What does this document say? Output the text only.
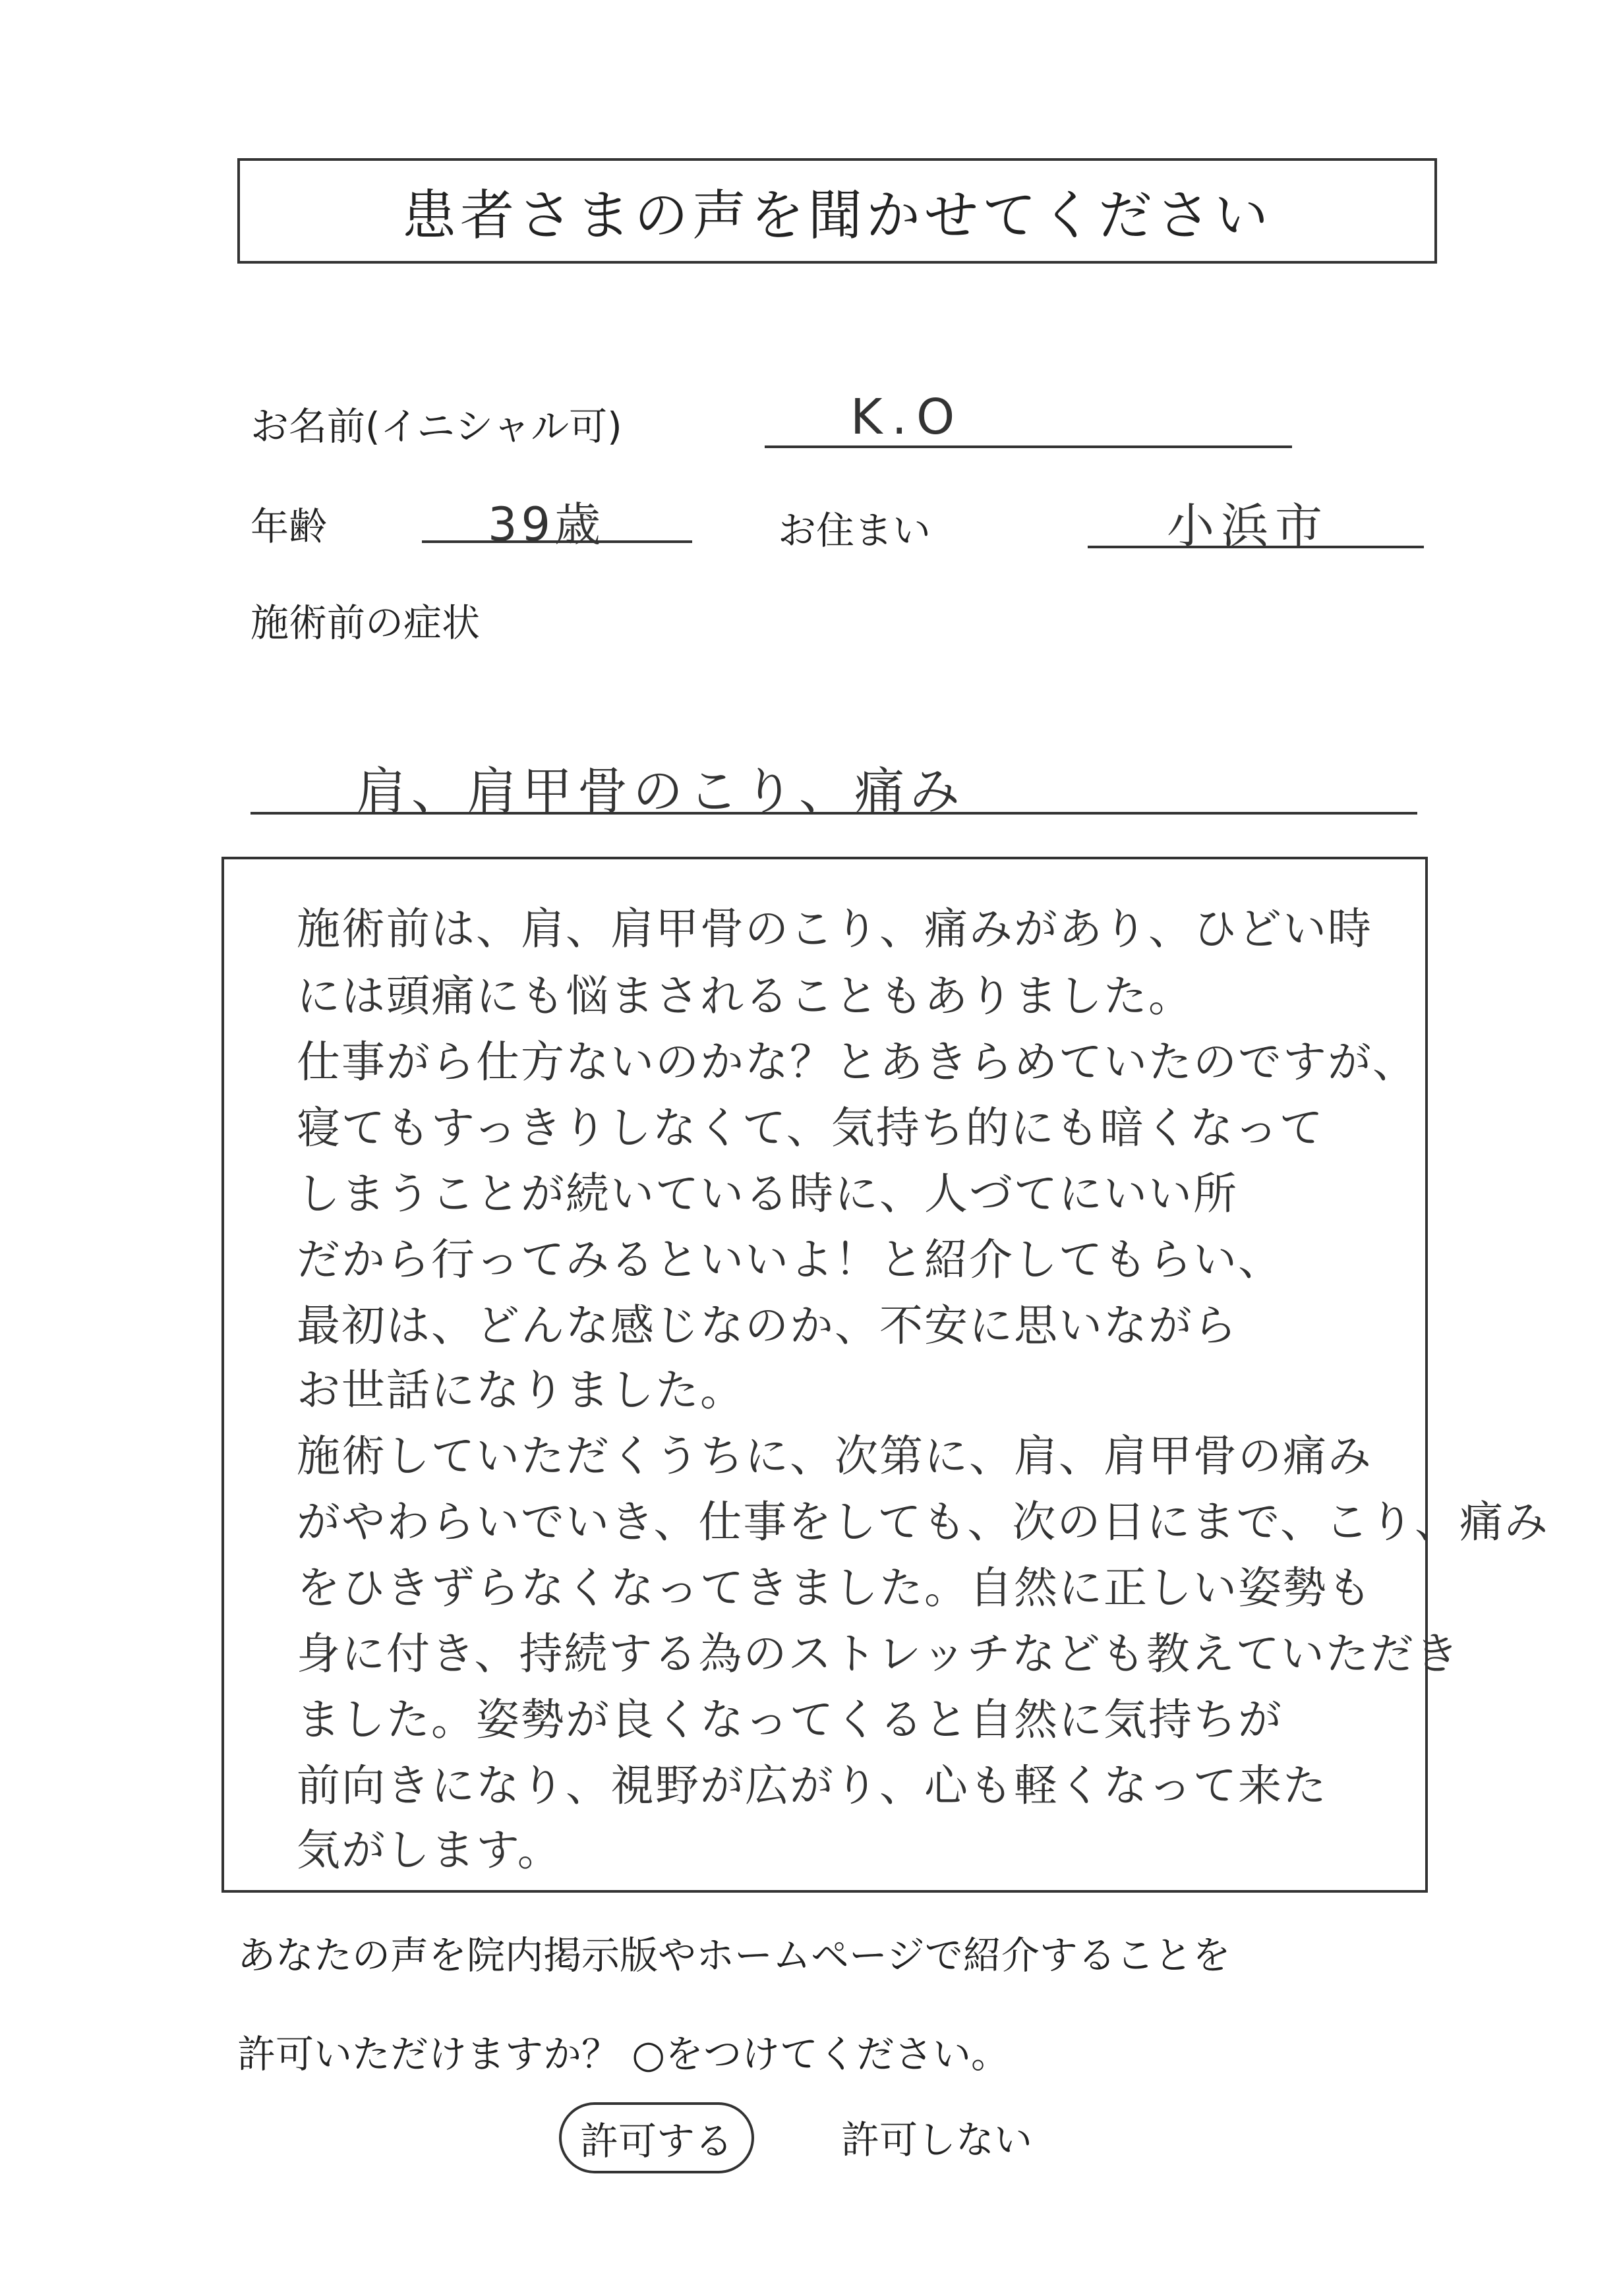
患者さまの声を聞かせてください
お名前(イニシャル可)	K.O
年齢	39歳	お住まい	小浜市
施術前の症状
肩、肩甲骨のこり、痛み
施術前は、肩、肩甲骨のこり、痛みがあり、ひどい時
には頭痛にも悩まされることもありました。
仕事がら仕方ないのかな？とあきらめていたのですが、
寝てもすっきりしなくて、気持ち的にも暗くなって
しまうことが続いている時に、人づてにいい所
だから行ってみるといいよ！と紹介してもらい、
最初は、どんな感じなのか、不安に思いながら
お世話になりました。
施術していただくうちに、次第に、肩、肩甲骨の痛み
がやわらいでいき、仕事をしても、次の日にまで、こり、痛み
をひきずらなくなってきました。自然に正しい姿勢も
身に付き、持続する為のストレッチなども教えていただき
ました。姿勢が良くなってくると自然に気持ちが
前向きになり、視野が広がり、心も軽くなって来た
気がします。
あなたの声を院内掲示版やホームページで紹介することを
許可いただけますか？ ○をつけてください。
許可する	許可しない
